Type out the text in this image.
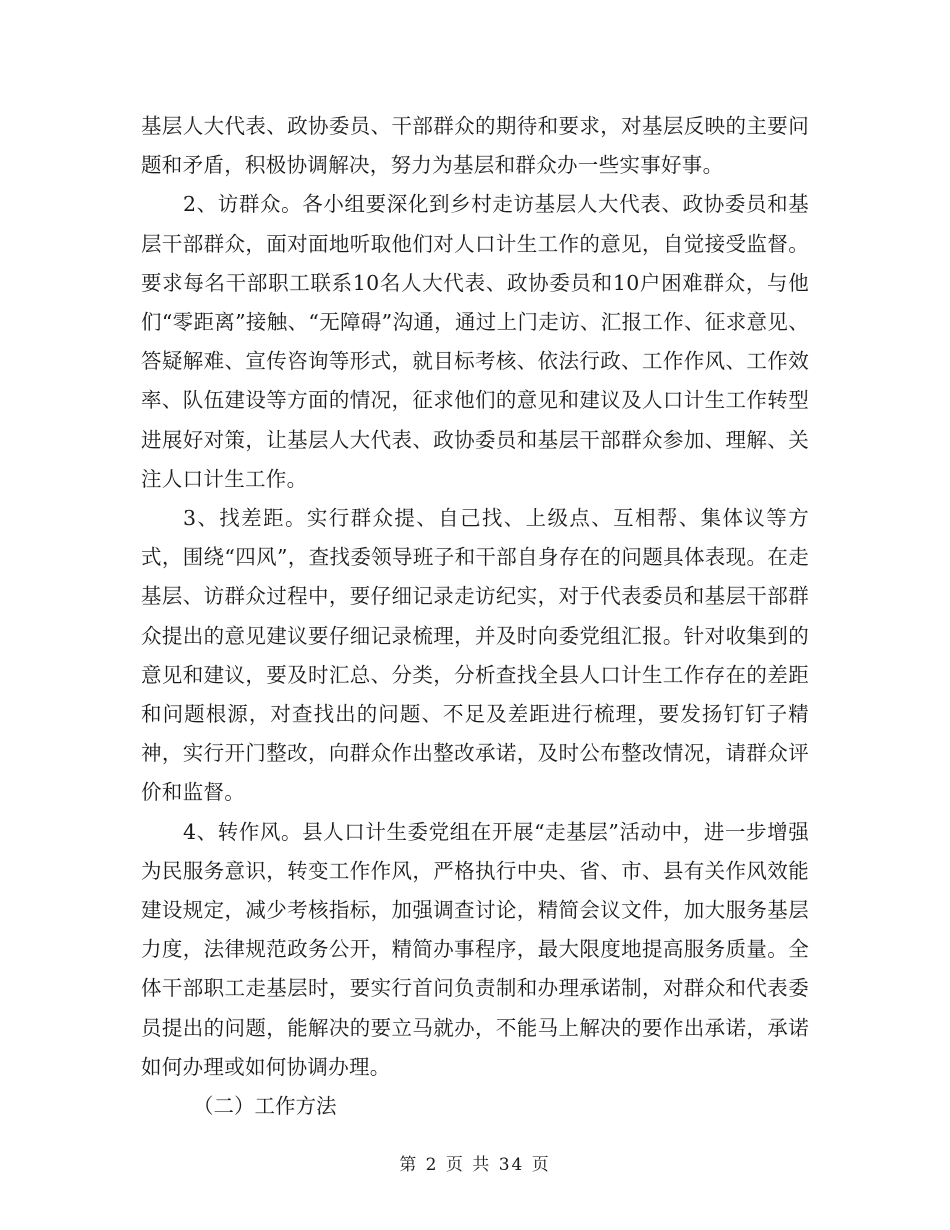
基层人大代表、政协委员、干部群众的期待和要求，对基层反映的主要问题和矛盾，积极协调解决，努力为基层和群众办一些实事好事。

2、访群众。各小组要深化到乡村走访基层人大代表、政协委员和基层干部群众，面对面地听取他们对人口计生工作的意见，自觉接受监督。要求每名干部职工联系10名人大代表、政协委员和10户困难群众，与他们“零距离”接触、“无障碍”沟通，通过上门走访、汇报工作、征求意见、答疑解难、宣传咨询等形式，就目标考核、依法行政、工作作风、工作效率、队伍建设等方面的情况，征求他们的意见和建议及人口计生工作转型进展好对策，让基层人大代表、政协委员和基层干部群众参加、理解、关注人口计生工作。

3、找差距。实行群众提、自己找、上级点、互相帮、集体议等方式，围绕“四风”，查找委领导班子和干部自身存在的问题具体表现。在走基层、访群众过程中，要仔细记录走访纪实，对于代表委员和基层干部群众提出的意见建议要仔细记录梳理，并及时向委党组汇报。针对收集到的意见和建议，要及时汇总、分类，分析查找全县人口计生工作存在的差距和问题根源，对查找出的问题、不足及差距进行梳理，要发扬钉钉子精神，实行开门整改，向群众作出整改承诺，及时公布整改情况，请群众评价和监督。

4、转作风。县人口计生委党组在开展“走基层”活动中，进一步增强为民服务意识，转变工作作风，严格执行中央、省、市、县有关作风效能建设规定，减少考核指标，加强调查讨论，精简会议文件，加大服务基层力度，法律规范政务公开，精简办事程序，最大限度地提高服务质量。全体干部职工走基层时，要实行首问负责制和办理承诺制，对群众和代表委员提出的问题，能解决的要立马就办，不能马上解决的要作出承诺，承诺如何办理或如何协调办理。

（二）工作方法

第 2 页 共 34 页
